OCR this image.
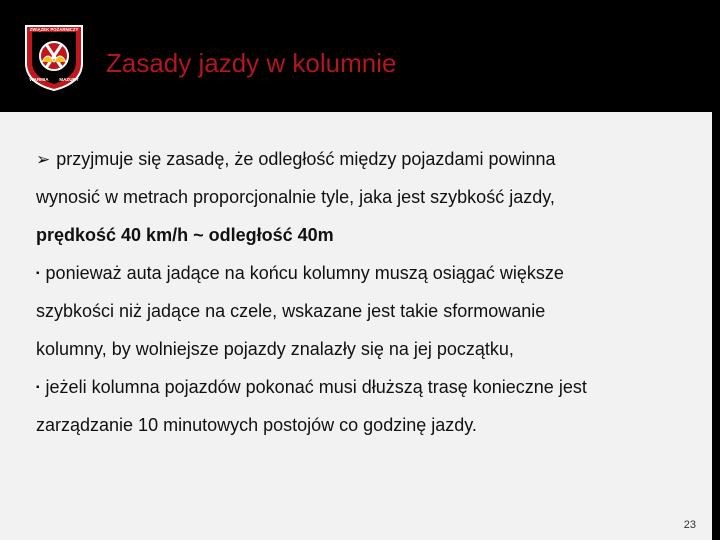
ZWIĄZEK POŻARNICZY
WARMIA MAZURY
Zasady jazdy w kolumnie
➢ przyjmuje się zasadę, że odległość między pojazdami powinna
wynosić w metrach proporcjonalnie tyle, jaka jest szybkość jazdy,
prędkość 40 km/h ~ odległość 40m
▪ ponieważ auta jadące na końcu kolumny muszą osiągać większe
szybkości niż jadące na czele, wskazane jest takie sformowanie
kolumny, by wolniejsze pojazdy znalazły się na jej początku,
▪ jeżeli kolumna pojazdów pokonać musi dłuższą trasę konieczne jest
zarządzanie 10 minutowych postojów co godzinę jazdy.
23
